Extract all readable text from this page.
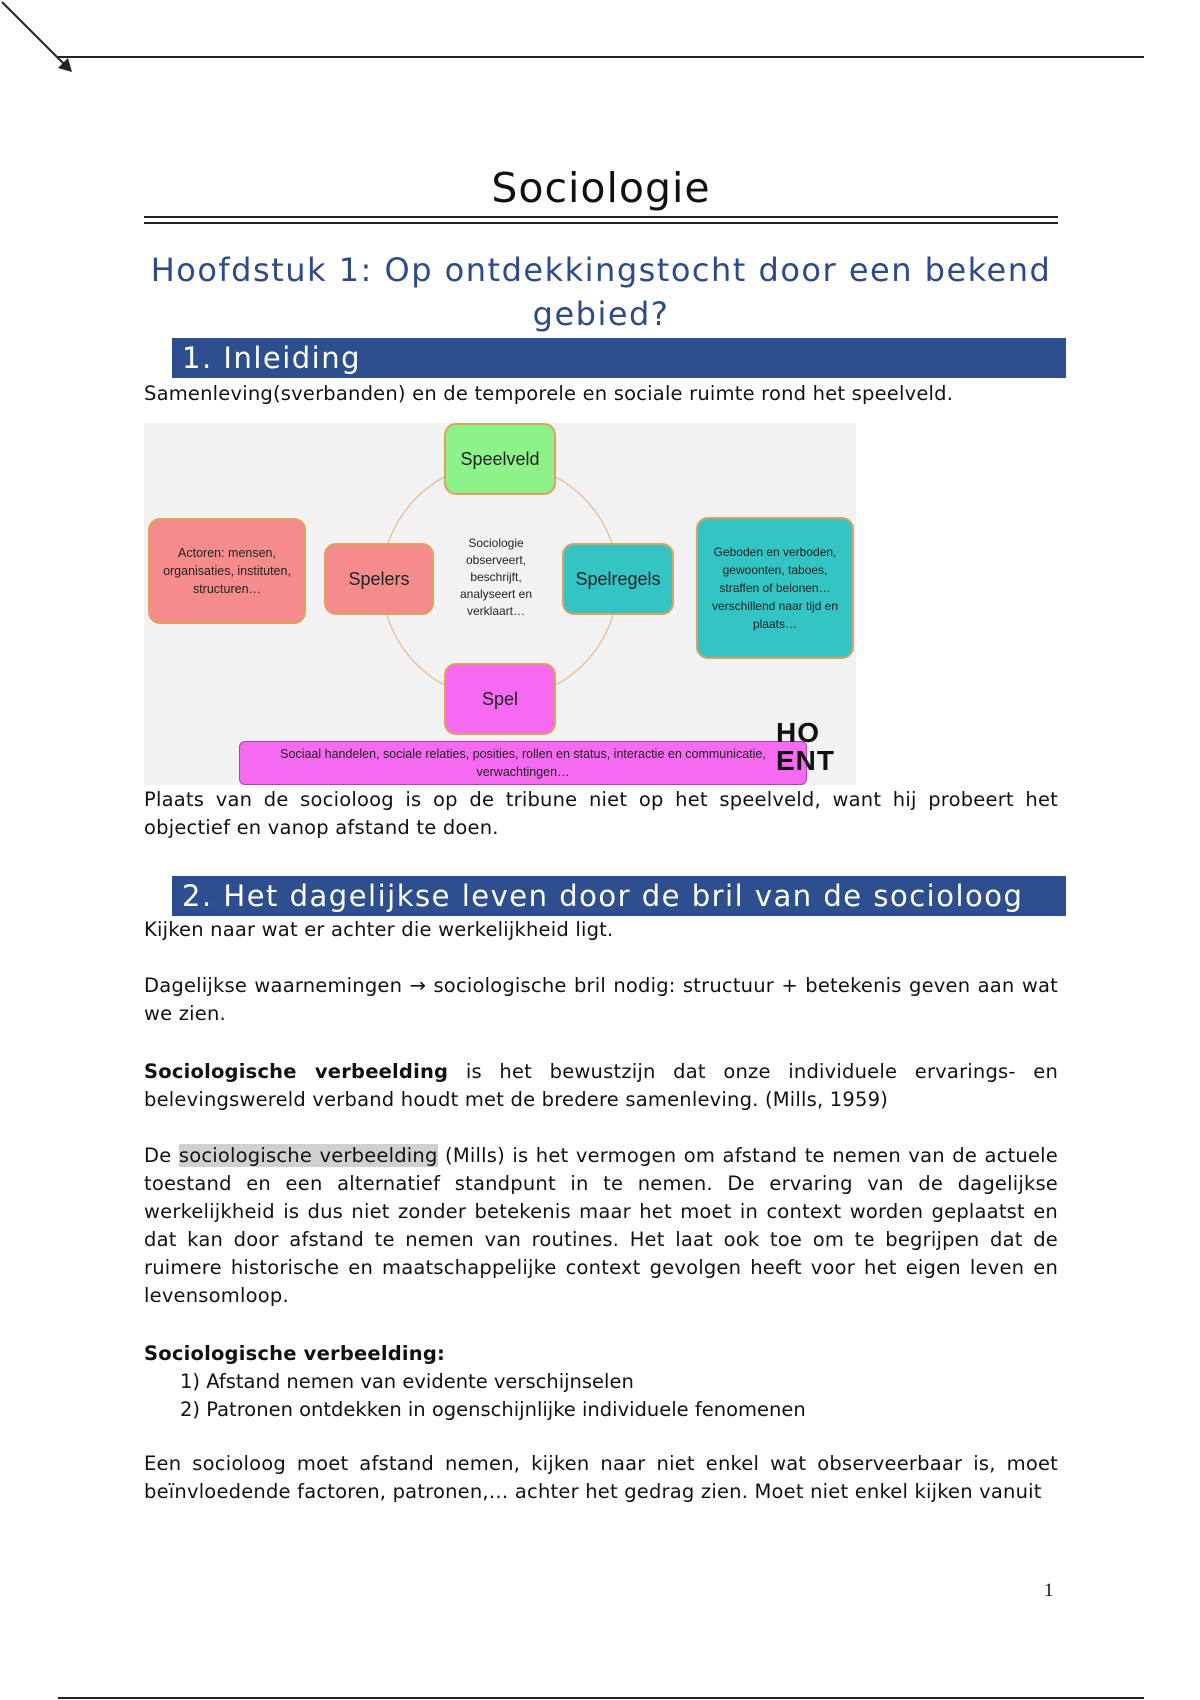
Sociologie
Hoofdstuk 1: Op ontdekkingstocht door een bekend gebied?
1. Inleiding
Samenleving(sverbanden) en de temporele en sociale ruimte rond het speelveld.
Sociologie observeert, beschrijft, analyseert en verklaart…
Speelveld
Spelers	Spelregels
Spel
Actoren: mensen, organisaties, instituten, structuren…
Geboden en verboden, gewoonten, taboes, straffen of belonen… verschillend naar tijd en plaats…
Sociaal handelen, sociale relaties, posities, rollen en status, interactie en communicatie, verwachtingen…
HO
ENT
Plaats van de socioloog is op de tribune niet op het speelveld, want hij probeert het objectief en vanop afstand te doen.
2. Het dagelijkse leven door de bril van de socioloog
Kijken naar wat er achter die werkelijkheid ligt.
Dagelijkse waarnemingen → sociologische bril nodig: structuur + betekenis geven aan wat we zien.
Sociologische verbeelding is het bewustzijn dat onze individuele ervarings- en belevingswereld verband houdt met de bredere samenleving. (Mills, 1959)
De sociologische verbeelding (Mills) is het vermogen om afstand te nemen van de actuele toestand en een alternatief standpunt in te nemen. De ervaring van de dagelijkse werkelijkheid is dus niet zonder betekenis maar het moet in context worden geplaatst en dat kan door afstand te nemen van routines. Het laat ook toe om te begrijpen dat de ruimere historische en maatschappelijke context gevolgen heeft voor het eigen leven en levensomloop.
Sociologische verbeelding:
1) Afstand nemen van evidente verschijnselen
2) Patronen ontdekken in ogenschijnlijke individuele fenomenen
Een socioloog moet afstand nemen, kijken naar niet enkel wat observeerbaar is, moet beïnvloedende factoren, patronen,… achter het gedrag zien. Moet niet enkel kijken vanuit
1
